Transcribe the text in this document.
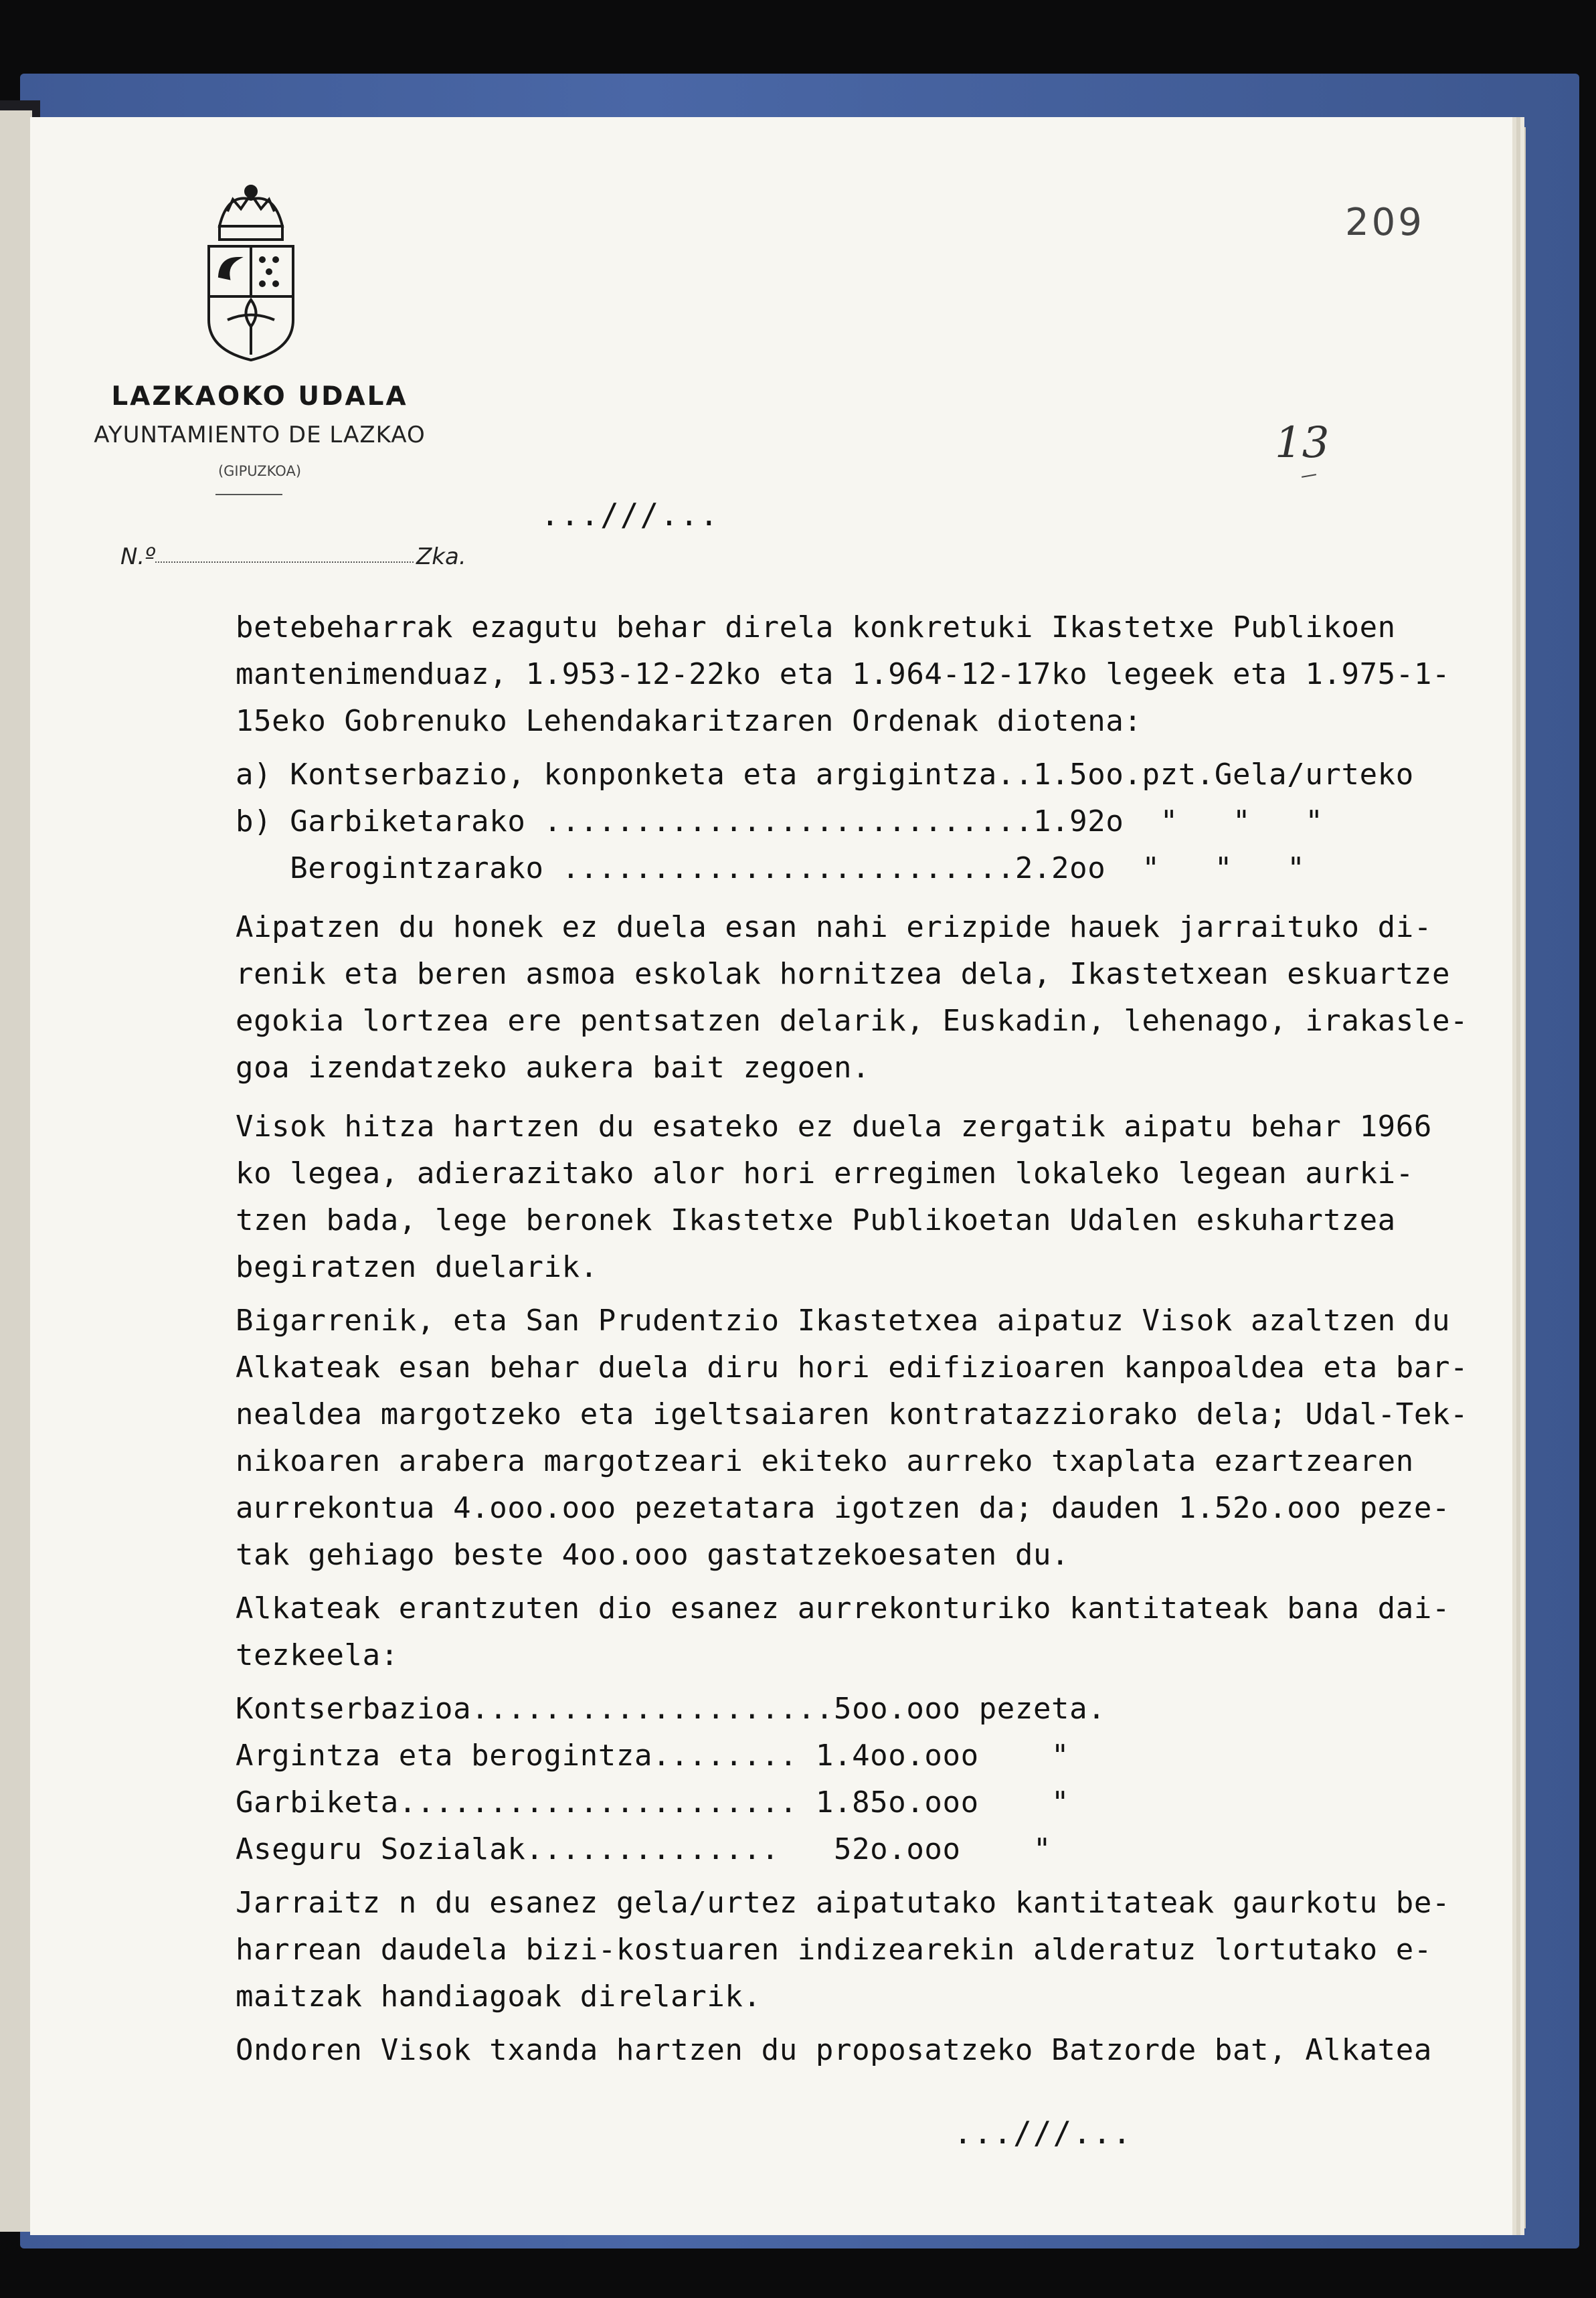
LAZKAOKO UDALA
AYUNTAMIENTO DE LAZKAO
(GIPUZKOA)
N.º	Zka.
209
13
...///...
betebeharrak ezagutu behar direla konkretuki Ikastetxe Publikoen
mantenimenduaz, 1.953-12-22ko eta 1.964-12-17ko legeek eta 1.975-1-
15eko Gobrenuko Lehendakaritzaren Ordenak diotena:
a) Kontserbazio, konponketa eta argigintza..1.5oo.pzt.Gela/urteko
b) Garbiketarako ...........................1.92o  "   "   "
Berogintzarako .........................2.2oo  "   "   "
Aipatzen du honek ez duela esan nahi erizpide hauek jarraituko di-
renik eta beren asmoa eskolak hornitzea dela, Ikastetxean eskuartze
egokia lortzea ere pentsatzen delarik, Euskadin, lehenago, irakasle-
goa izendatzeko aukera bait zegoen.
Visok hitza hartzen du esateko ez duela zergatik aipatu behar 1966
ko legea, adierazitako alor hori erregimen lokaleko legean aurki-
tzen bada, lege beronek Ikastetxe Publikoetan Udalen eskuhartzea
begiratzen duelarik.
Bigarrenik, eta San Prudentzio Ikastetxea aipatuz Visok azaltzen du
Alkateak esan behar duela diru hori edifizioaren kanpoaldea eta bar-
nealdea margotzeko eta igeltsaiaren kontratazziorako dela; Udal-Tek-
nikoaren arabera margotzeari ekiteko aurreko txaplata ezartzearen
aurrekontua 4.ooo.ooo pezetatara igotzen da; dauden 1.52o.ooo peze-
tak gehiago beste 4oo.ooo gastatzekoesaten du.
Alkateak erantzuten dio esanez aurrekonturiko kantitateak bana dai-
tezkeela:
Kontserbazioa....................5oo.ooo pezeta.
Argintza eta berogintza........ 1.4oo.ooo    "
Garbiketa...................... 1.85o.ooo    "
Aseguru Sozialak..............   52o.ooo    "
Jarraitz n du esanez gela/urtez aipatutako kantitateak gaurkotu be-
harrean daudela bizi-kostuaren indizearekin alderatuz lortutako e-
maitzak handiagoak direlarik.
Ondoren Visok txanda hartzen du proposatzeko Batzorde bat, Alkatea
...///...
